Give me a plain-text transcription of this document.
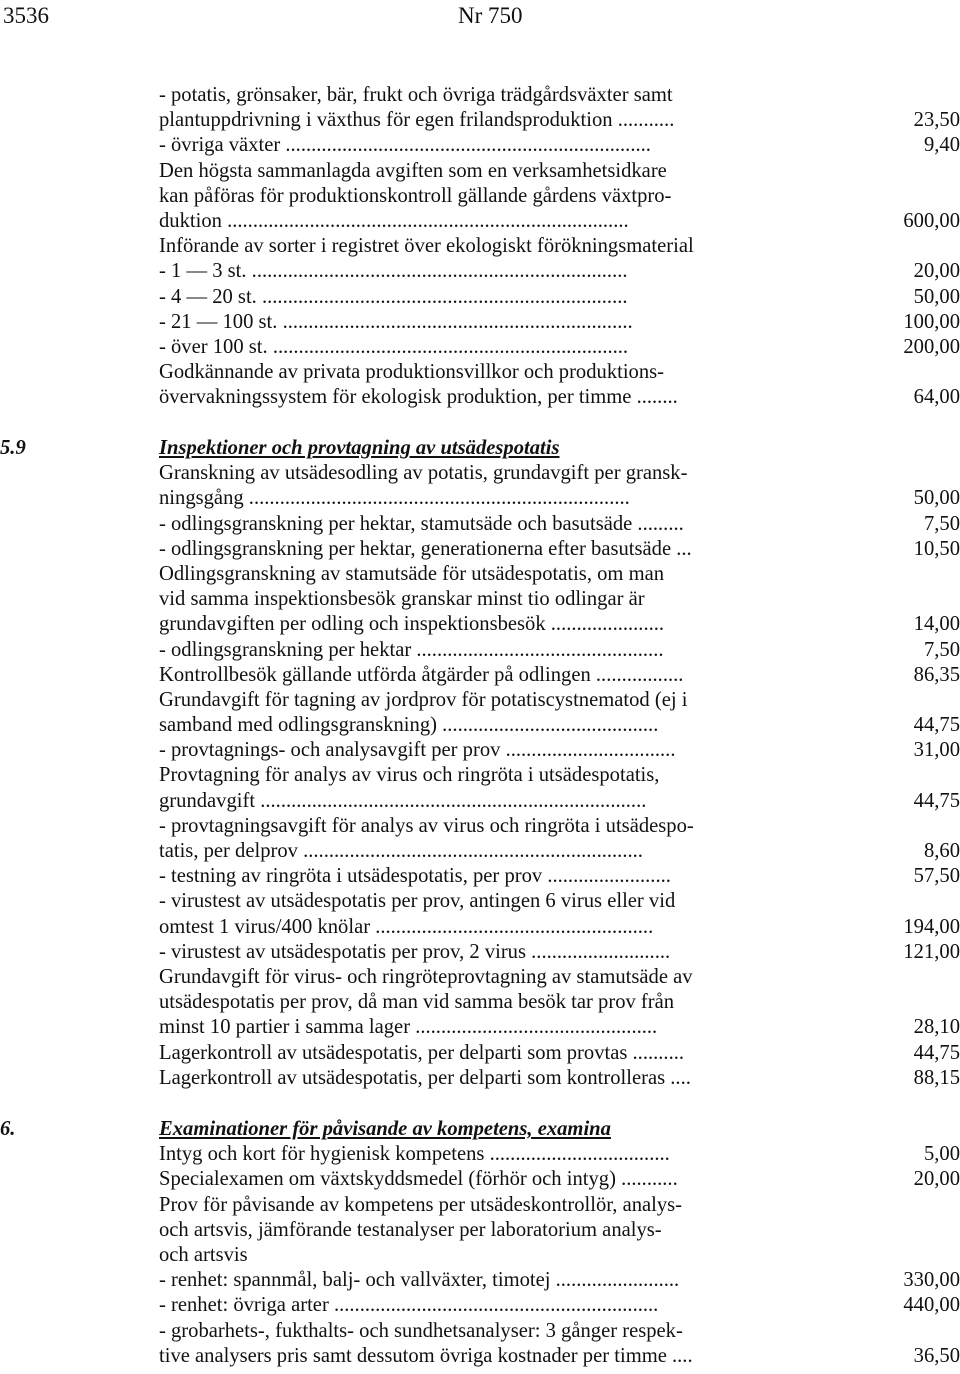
3536	Nr 750
- potatis, grönsaker, bär, frukt och övriga trädgårdsväxter samt
plantuppdrivning i växthus för egen frilandsproduktion ...........	23,50
- övriga växter .......................................................................	9,40
Den högsta sammanlagda avgiften som en verksamhetsidkare
kan påföras för produktionskontroll gällande gårdens växtpro-
duktion ..............................................................................	600,00
Införande av sorter i registret över ekologiskt förökningsmaterial
- 1 — 3 st. .........................................................................	20,00
- 4 — 20 st. .......................................................................	50,00
- 21 — 100 st. ....................................................................	100,00
- över 100 st. .....................................................................	200,00
Godkännande av privata produktionsvillkor och produktions-
övervakningssystem för ekologisk produktion, per timme ........	64,00
5.9	Inspektioner och provtagning av utsädespotatis
Granskning av utsädesodling av potatis, grundavgift per gransk-
ningsgång ..........................................................................	50,00
- odlingsgranskning per hektar, stamutsäde och basutsäde .........	7,50
- odlingsgranskning per hektar, generationerna efter basutsäde ...	10,50
Odlingsgranskning av stamutsäde för utsädespotatis, om man
vid samma inspektionsbesök granskar minst tio odlingar är
grundavgiften per odling och inspektionsbesök ......................	14,00
- odlingsgranskning per hektar ................................................	7,50
Kontrollbesök gällande utförda åtgärder på odlingen .................	86,35
Grundavgift för tagning av jordprov för potatiscystnematod (ej i
samband med odlingsgranskning) ..........................................	44,75
- provtagnings- och analysavgift per prov .................................	31,00
Provtagning för analys av virus och ringröta i utsädespotatis,
grundavgift ...........................................................................	44,75
- provtagningsavgift för analys av virus och ringröta i utsädespo-
tatis, per delprov ..................................................................	8,60
- testning av ringröta i utsädespotatis, per prov ........................	57,50
- virustest av utsädespotatis per prov, antingen 6 virus eller vid
omtest 1 virus/400 knölar ......................................................	194,00
- virustest av utsädespotatis per prov, 2 virus ...........................	121,00
Grundavgift för virus- och ringröteprovtagning av stamutsäde av
utsädespotatis per prov, då man vid samma besök tar prov från
minst 10 partier i samma lager ...............................................	28,10
Lagerkontroll av utsädespotatis, per delparti som provtas ..........	44,75
Lagerkontroll av utsädespotatis, per delparti som kontrolleras ....	88,15
6.	Examinationer för påvisande av kompetens, examina
Intyg och kort för hygienisk kompetens ...................................	5,00
Specialexamen om växtskyddsmedel (förhör och intyg) ...........	20,00
Prov för påvisande av kompetens per utsädeskontrollör, analys-
och artsvis, jämförande testanalyser per laboratorium analys-
och artsvis
- renhet: spannmål, balj- och vallväxter, timotej ........................	330,00
- renhet: övriga arter ...............................................................	440,00
- grobarhets-, fukthalts- och sundhetsanalyser: 3 gånger respek-
tive analysers pris samt dessutom övriga kostnader per timme ....	36,50
